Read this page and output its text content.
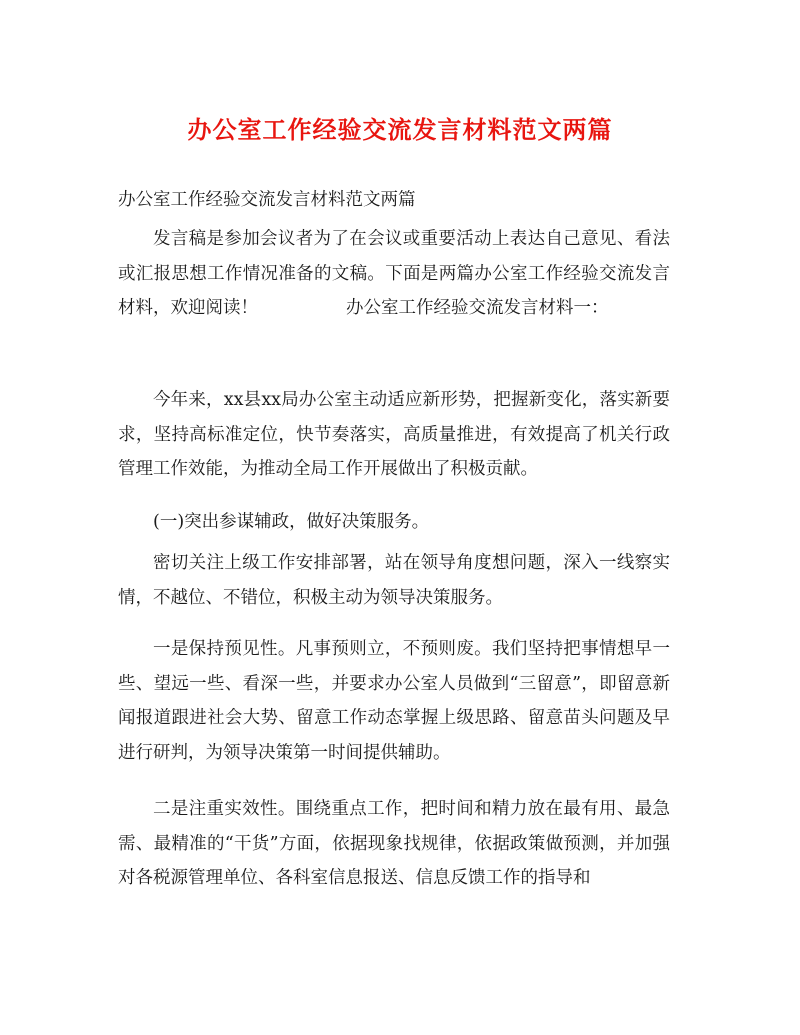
办公室工作经验交流发言材料范文两篇

办公室工作经验交流发言材料范文两篇

发言稿是参加会议者为了在会议或重要活动上表达自己意见、看法或汇报思想工作情况准备的文稿。下面是两篇办公室工作经验交流发言材料，欢迎阅读！	办公室工作经验交流发言材料一：

今年来，xx县xx局办公室主动适应新形势，把握新变化，落实新要求，坚持高标准定位，快节奏落实，高质量推进，有效提高了机关行政管理工作效能，为推动全局工作开展做出了积极贡献。

(一)突出参谋辅政，做好决策服务。

密切关注上级工作安排部署，站在领导角度想问题，深入一线察实情，不越位、不错位，积极主动为领导决策服务。

一是保持预见性。凡事预则立，不预则废。我们坚持把事情想早一些、望远一些、看深一些，并要求办公室人员做到“三留意”，即留意新闻报道跟进社会大势、留意工作动态掌握上级思路、留意苗头问题及早进行研判，为领导决策第一时间提供辅助。

二是注重实效性。围绕重点工作，把时间和精力放在最有用、最急需、最精准的“干货”方面，依据现象找规律，依据政策做预测，并加强对各税源管理单位、各科室信息报送、信息反馈工作的指导和
